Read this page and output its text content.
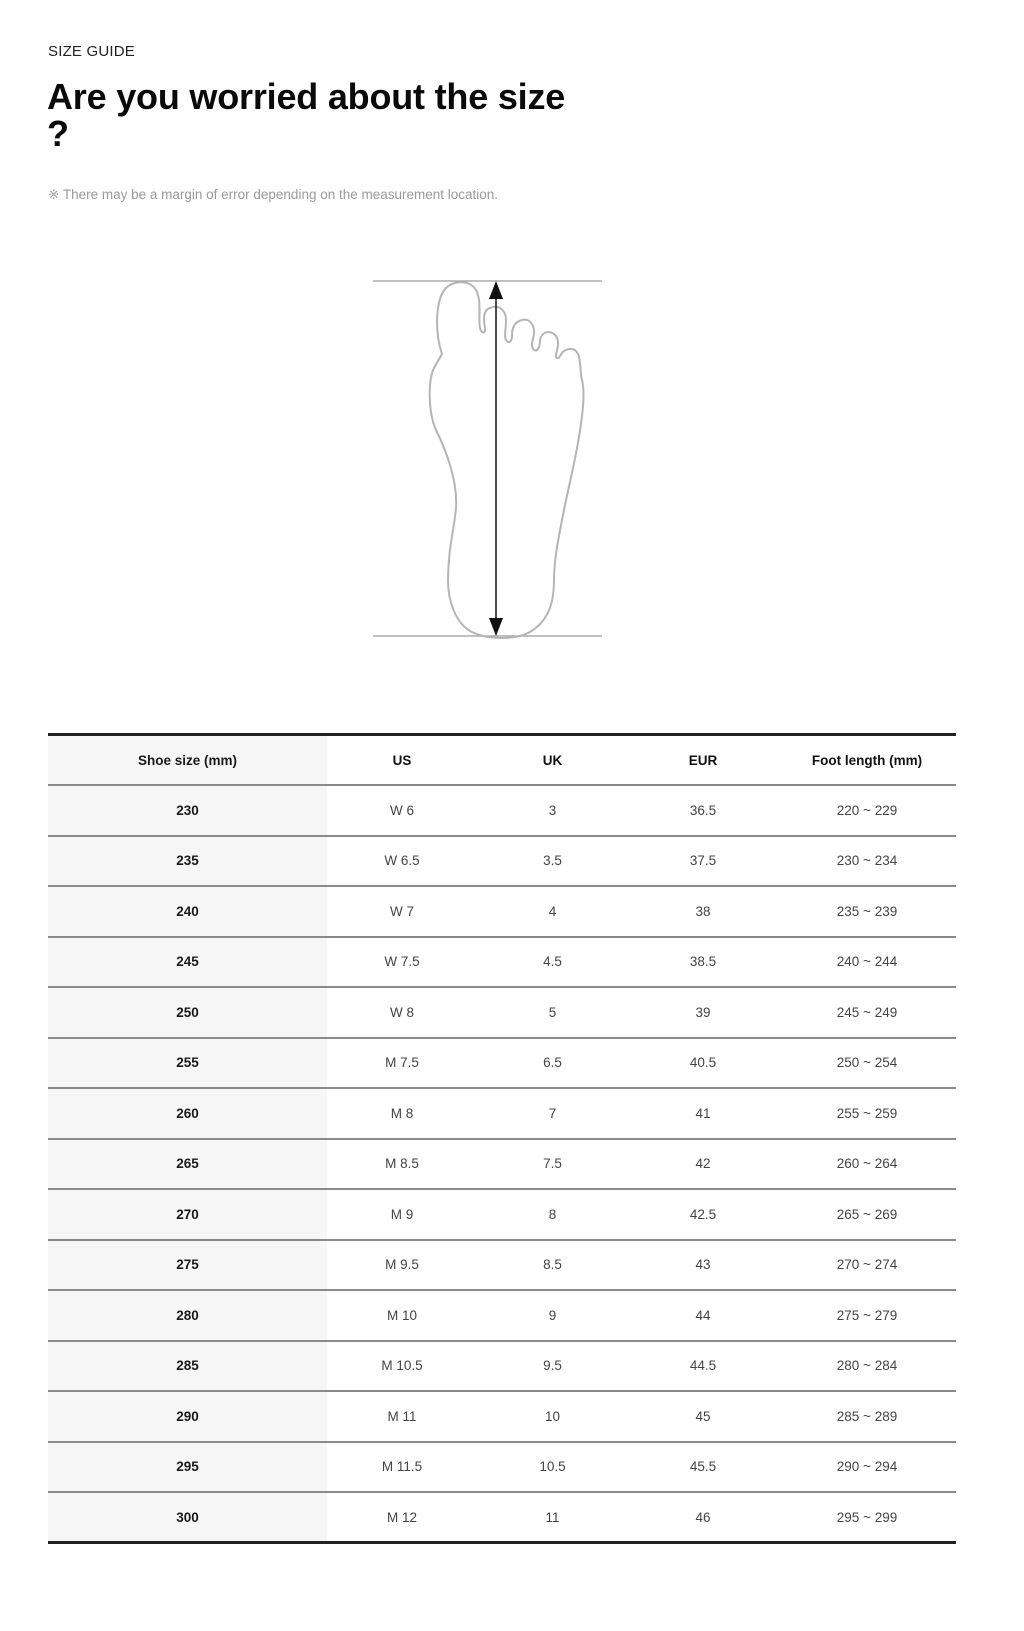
SIZE GUIDE
Are you worried about the size ?

※ There may be a margin of error depending on the measurement location.

Shoe size (mm)	US	UK	EUR	Foot length (mm)
230	W 6	3	36.5	220 ~ 229
235	W 6.5	3.5	37.5	230 ~ 234
240	W 7	4	38	235 ~ 239
245	W 7.5	4.5	38.5	240 ~ 244
250	W 8	5	39	245 ~ 249
255	M 7.5	6.5	40.5	250 ~ 254
260	M 8	7	41	255 ~ 259
265	M 8.5	7.5	42	260 ~ 264
270	M 9	8	42.5	265 ~ 269
275	M 9.5	8.5	43	270 ~ 274
280	M 10	9	44	275 ~ 279
285	M 10.5	9.5	44.5	280 ~ 284
290	M 11	10	45	285 ~ 289
295	M 11.5	10.5	45.5	290 ~ 294
300	M 12	11	46	295 ~ 299
